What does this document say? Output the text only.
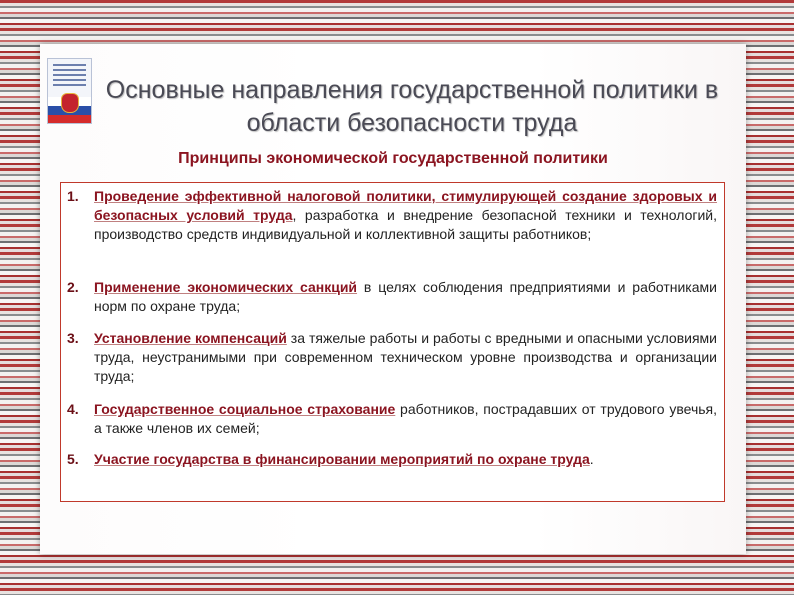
Основные направления государственной политики в области безопасности труда
Принципы экономической государственной политики
1. Проведение эффективной налоговой политики, стимулирующей создание здоровых и безопасных условий труда, разработка и внедрение безопасной техники и технологий, производство средств индивидуальной и коллективной защиты работников;
2. Применение экономических санкций в целях соблюдения предприятиями и работниками норм по охране труда;
3. Установление компенсаций за тяжелые работы и работы с вредными и опасными условиями труда, неустранимыми при современном техническом уровне производства и организации труда;
4. Государственное социальное страхование работников, пострадавших от трудового увечья, а также членов их семей;
5. Участие государства в финансировании мероприятий по охране труда.
